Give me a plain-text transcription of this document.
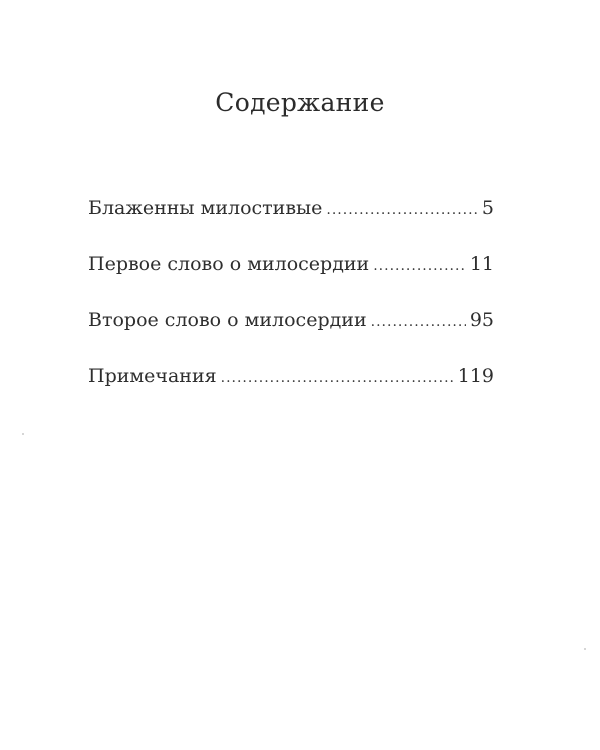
Содержание
Блаженны милостивые .....	5
Первое слово о милосердии .....	11
Второе слово о милосердии .....	95
Примечания .....	119
